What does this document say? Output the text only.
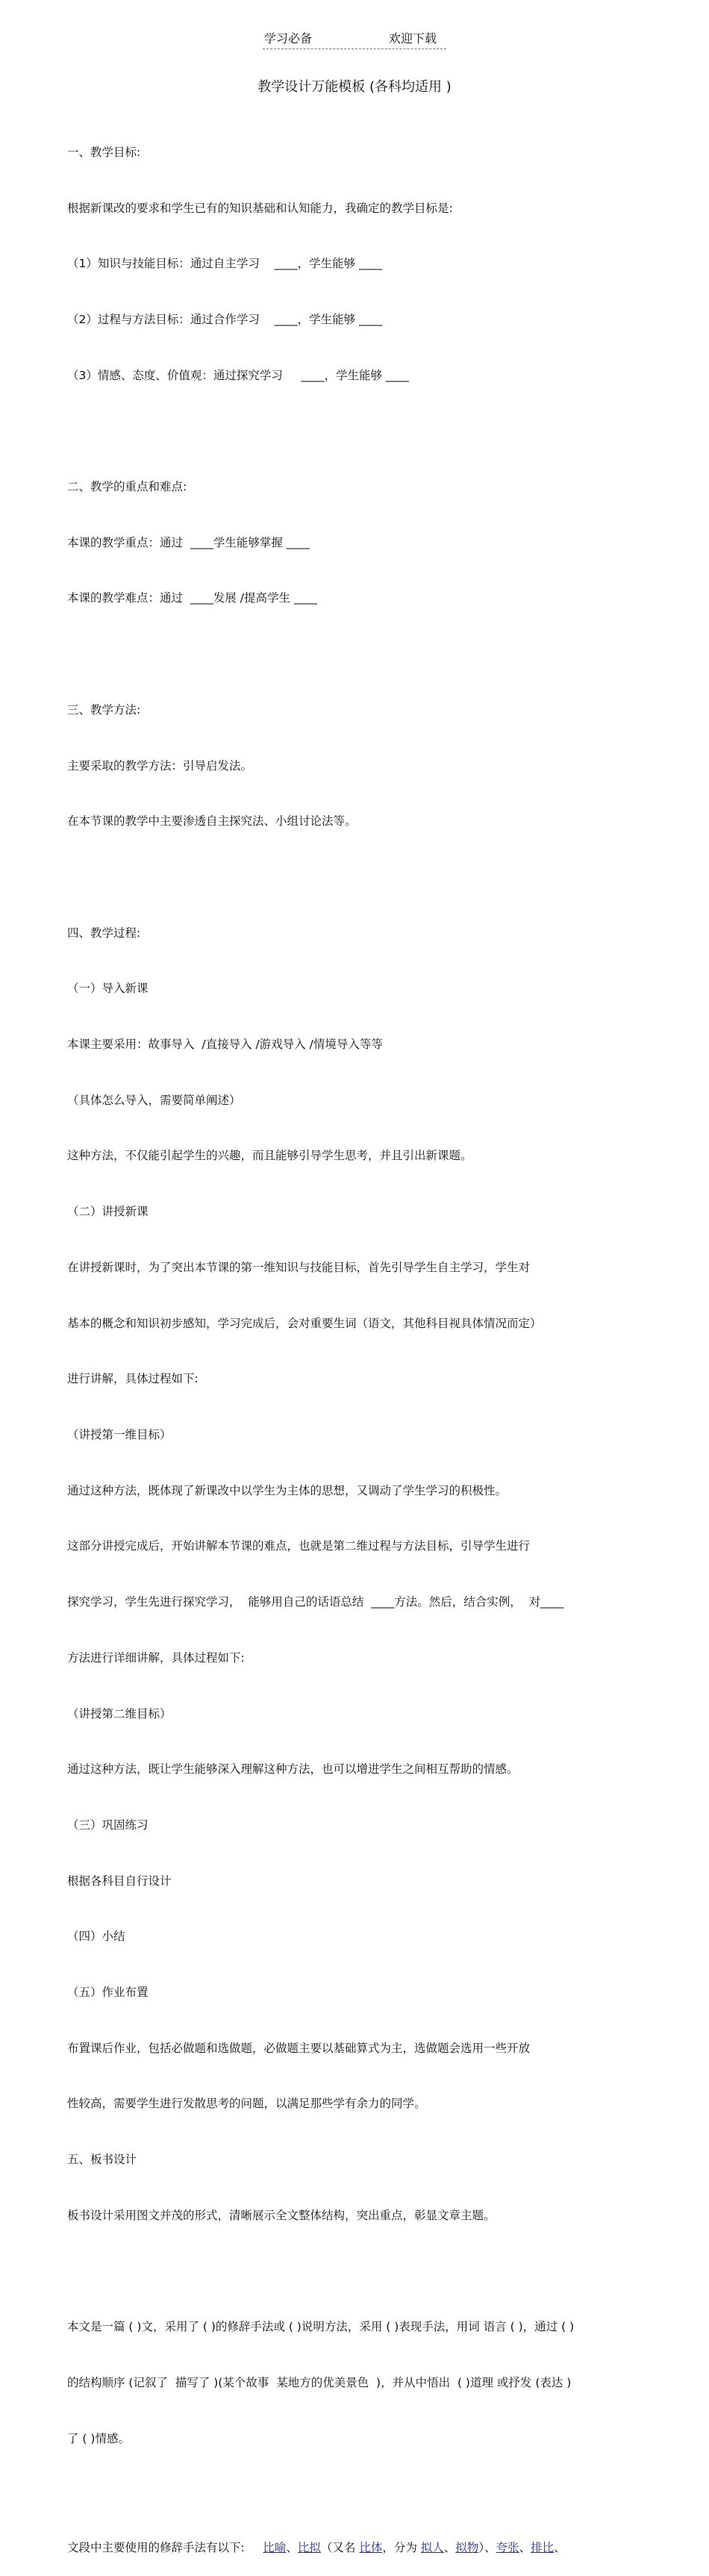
学习必备	欢迎下载
教学设计万能模板 (各科均适用 )

一、教学目标:

根据新课改的要求和学生已有的知识基础和认知能力，我确定的教学目标是:

（1）知识与技能目标：通过自主学习    ____，学生能够 ____

（2）过程与方法目标：通过合作学习    ____，学生能够 ____

（3）情感、态度、价值观：通过探究学习     ____，学生能够 ____

二、教学的重点和难点:

本课的教学重点：通过  ____学生能够掌握 ____

本课的教学难点：通过  ____发展 /提高学生 ____

三、教学方法:

主要采取的教学方法：引导启发法。

在本节课的教学中主要渗透自主探究法、小组讨论法等。

四、教学过程:

（一）导入新课

本课主要采用：故事导入  /直接导入 /游戏导入 /情境导入等等

（具体怎么导入，需要简单阐述）

这种方法，不仅能引起学生的兴趣，而且能够引导学生思考，并且引出新课题。

（二）讲授新课

在讲授新课时，为了突出本节课的第一维知识与技能目标，首先引导学生自主学习，学生对

基本的概念和知识初步感知，学习完成后，会对重要生词（语文，其他科目视具体情况而定）

进行讲解，具体过程如下:

（讲授第一维目标）

通过这种方法，既体现了新课改中以学生为主体的思想，又调动了学生学习的积极性。

这部分讲授完成后，开始讲解本节课的难点，也就是第二维过程与方法目标，引导学生进行

探究学习，学生先进行探究学习，  能够用自己的话语总结  ____方法。然后，结合实例，  对____

方法进行详细讲解，具体过程如下:

（讲授第二维目标）

通过这种方法，既让学生能够深入理解这种方法，也可以增进学生之间相互帮助的情感。

（三）巩固练习

根据各科目自行设计

（四）小结

（五）作业布置

布置课后作业，包括必做题和选做题，必做题主要以基础算式为主，选做题会选用一些开放

性较高，需要学生进行发散思考的问题，以满足那些学有余力的同学。

五、板书设计

板书设计采用图文并茂的形式，清晰展示全文整体结构，突出重点，彰显文章主题。

本文是一篇 ( )文，采用了 ( )的修辞手法或 ( )说明方法，采用 ( )表现手法，用词 语言 ( )，通过 ( )

的结构顺序 (记叙了  描写了 )(某个故事  某地方的优美景色  )，并从中悟出  ( )道理 或抒发 (表达 )

了 ( )情感。

文段中主要使用的修辞手法有以下:     比喻、比拟（又名 比体，分为 拟人、拟物）、夸张、排比、
